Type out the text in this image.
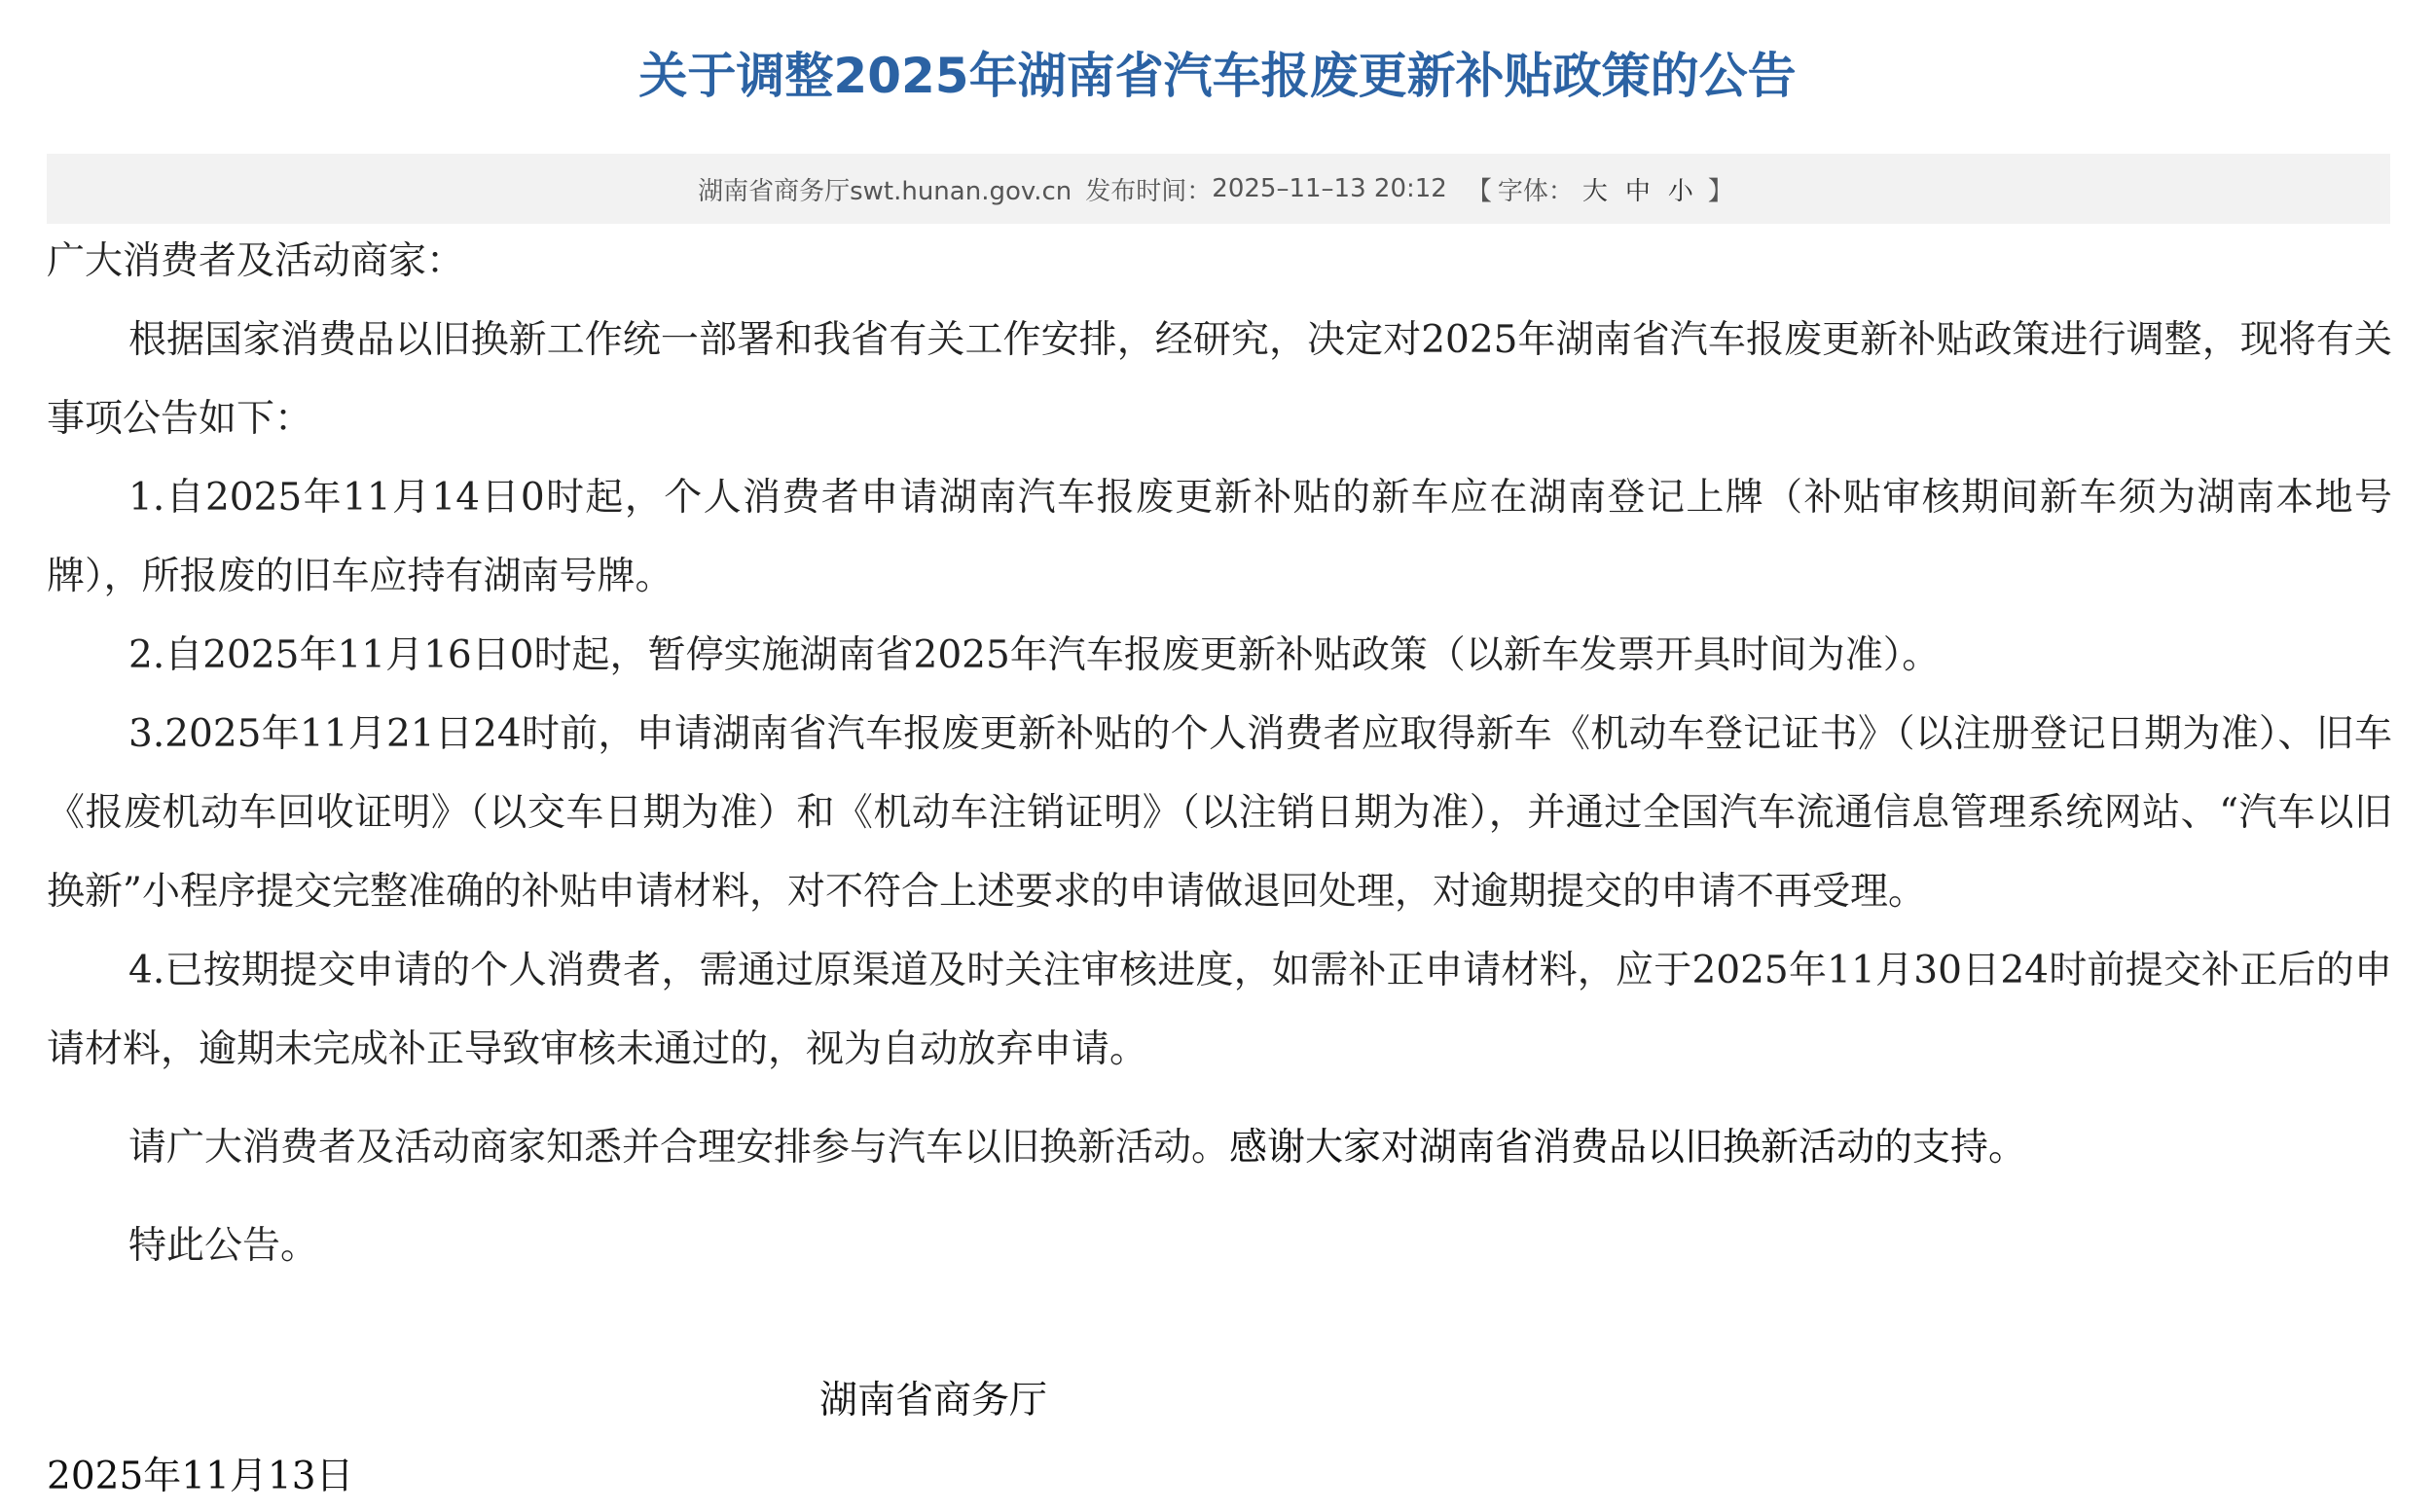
关于调整2025年湖南省汽车报废更新补贴政策的公告
湖南省商务厅swt.hunan.gov.cn 发布时间： 2025–11–13 20:12 【 字体： 大 中 小 】

广大消费者及活动商家：

根据国家消费品以旧换新工作统一部署和我省有关工作安排，经研究，决定对2025年湖南省汽车报废更新补贴政策进行调整，现将有关事项公告如下：

1.自2025年11月14日0时起，个人消费者申请湖南汽车报废更新补贴的新车应在湖南登记上牌（补贴审核期间新车须为湖南本地号牌），所报废的旧车应持有湖南号牌。

2.自2025年11月16日0时起，暂停实施湖南省2025年汽车报废更新补贴政策（以新车发票开具时间为准）。

3.2025年11月21日24时前，申请湖南省汽车报废更新补贴的个人消费者应取得新车《机动车登记证书》（以注册登记日期为准）、旧车《报废机动车回收证明》（以交车日期为准）和《机动车注销证明》（以注销日期为准），并通过全国汽车流通信息管理系统网站、“汽车以旧换新”小程序提交完整准确的补贴申请材料，对不符合上述要求的申请做退回处理，对逾期提交的申请不再受理。

4.已按期提交申请的个人消费者，需通过原渠道及时关注审核进度，如需补正申请材料，应于2025年11月30日24时前提交补正后的申请材料，逾期未完成补正导致审核未通过的，视为自动放弃申请。

请广大消费者及活动商家知悉并合理安排参与汽车以旧换新活动。感谢大家对湖南省消费品以旧换新活动的支持。

特此公告。

湖南省商务厅
2025年11月13日
